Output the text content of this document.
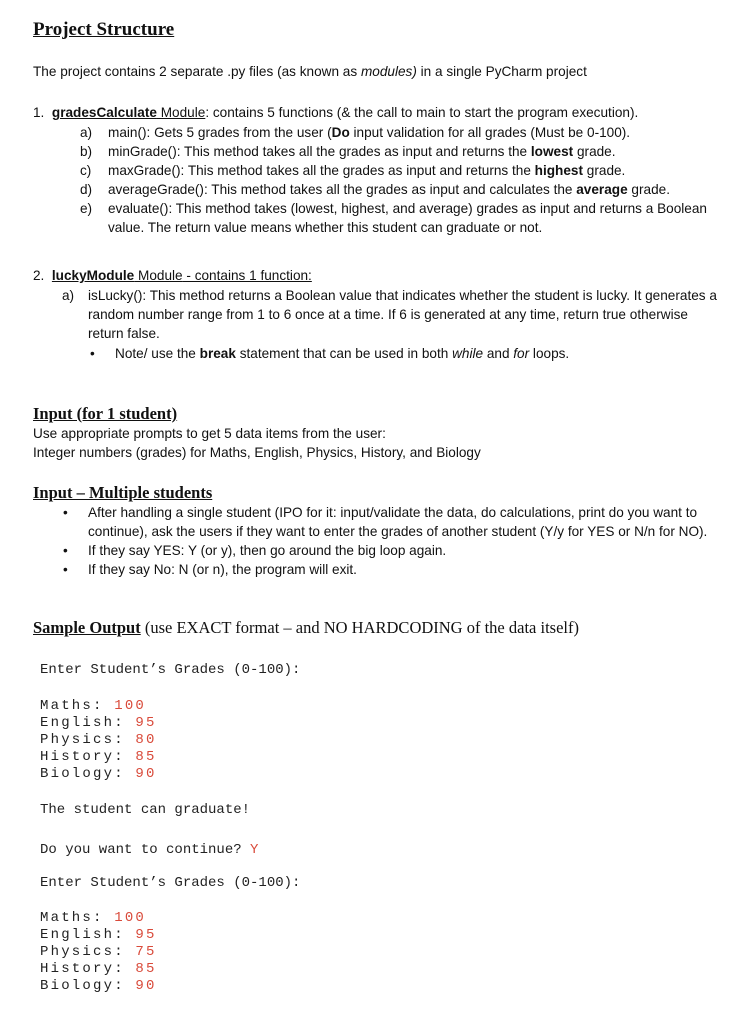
Project Structure
The project contains 2 separate .py files (as known as modules) in a single PyCharm project
1. gradesCalculate Module: contains 5 functions (& the call to main to start the program execution).
a)	main(): Gets 5 grades from the user (Do input validation for all grades (Must be 0-100).
b)	minGrade(): This method takes all the grades as input and returns the lowest grade.
c)	maxGrade(): This method takes all the grades as input and returns the highest grade.
d)	averageGrade(): This method takes all the grades as input and calculates the average grade.
e)	evaluate(): This method takes (lowest, highest, and average) grades as input and returns a Boolean
value. The return value means whether this student can graduate or not.
2. luckyModule Module - contains 1 function:
a)	isLucky(): This method returns a Boolean value that indicates whether the student is lucky. It generates a
random number range from 1 to 6 once at a time. If 6 is generated at any time, return true otherwise
return false.
•	Note/ use the break statement that can be used in both while and for loops.
Input (for 1 student)
Use appropriate prompts to get 5 data items from the user:
Integer numbers (grades) for Maths, English, Physics, History, and Biology
Input – Multiple students
•	After handling a single student (IPO for it: input/validate the data, do calculations, print do you want to
continue), ask the users if they want to enter the grades of another student (Y/y for YES or N/n for NO).
•	If they say YES: Y (or y), then go around the big loop again.
•	If they say No: N (or n), the program will exit.
Sample Output (use EXACT format – and NO HARDCODING of the data itself)
Enter Student’s Grades (0-100):
Maths: 100
English: 95
Physics: 80
History: 85
Biology: 90
The student can graduate!
Do you want to continue? Y
Enter Student’s Grades (0-100):
Maths: 100
English: 95
Physics: 75
History: 85
Biology: 90
